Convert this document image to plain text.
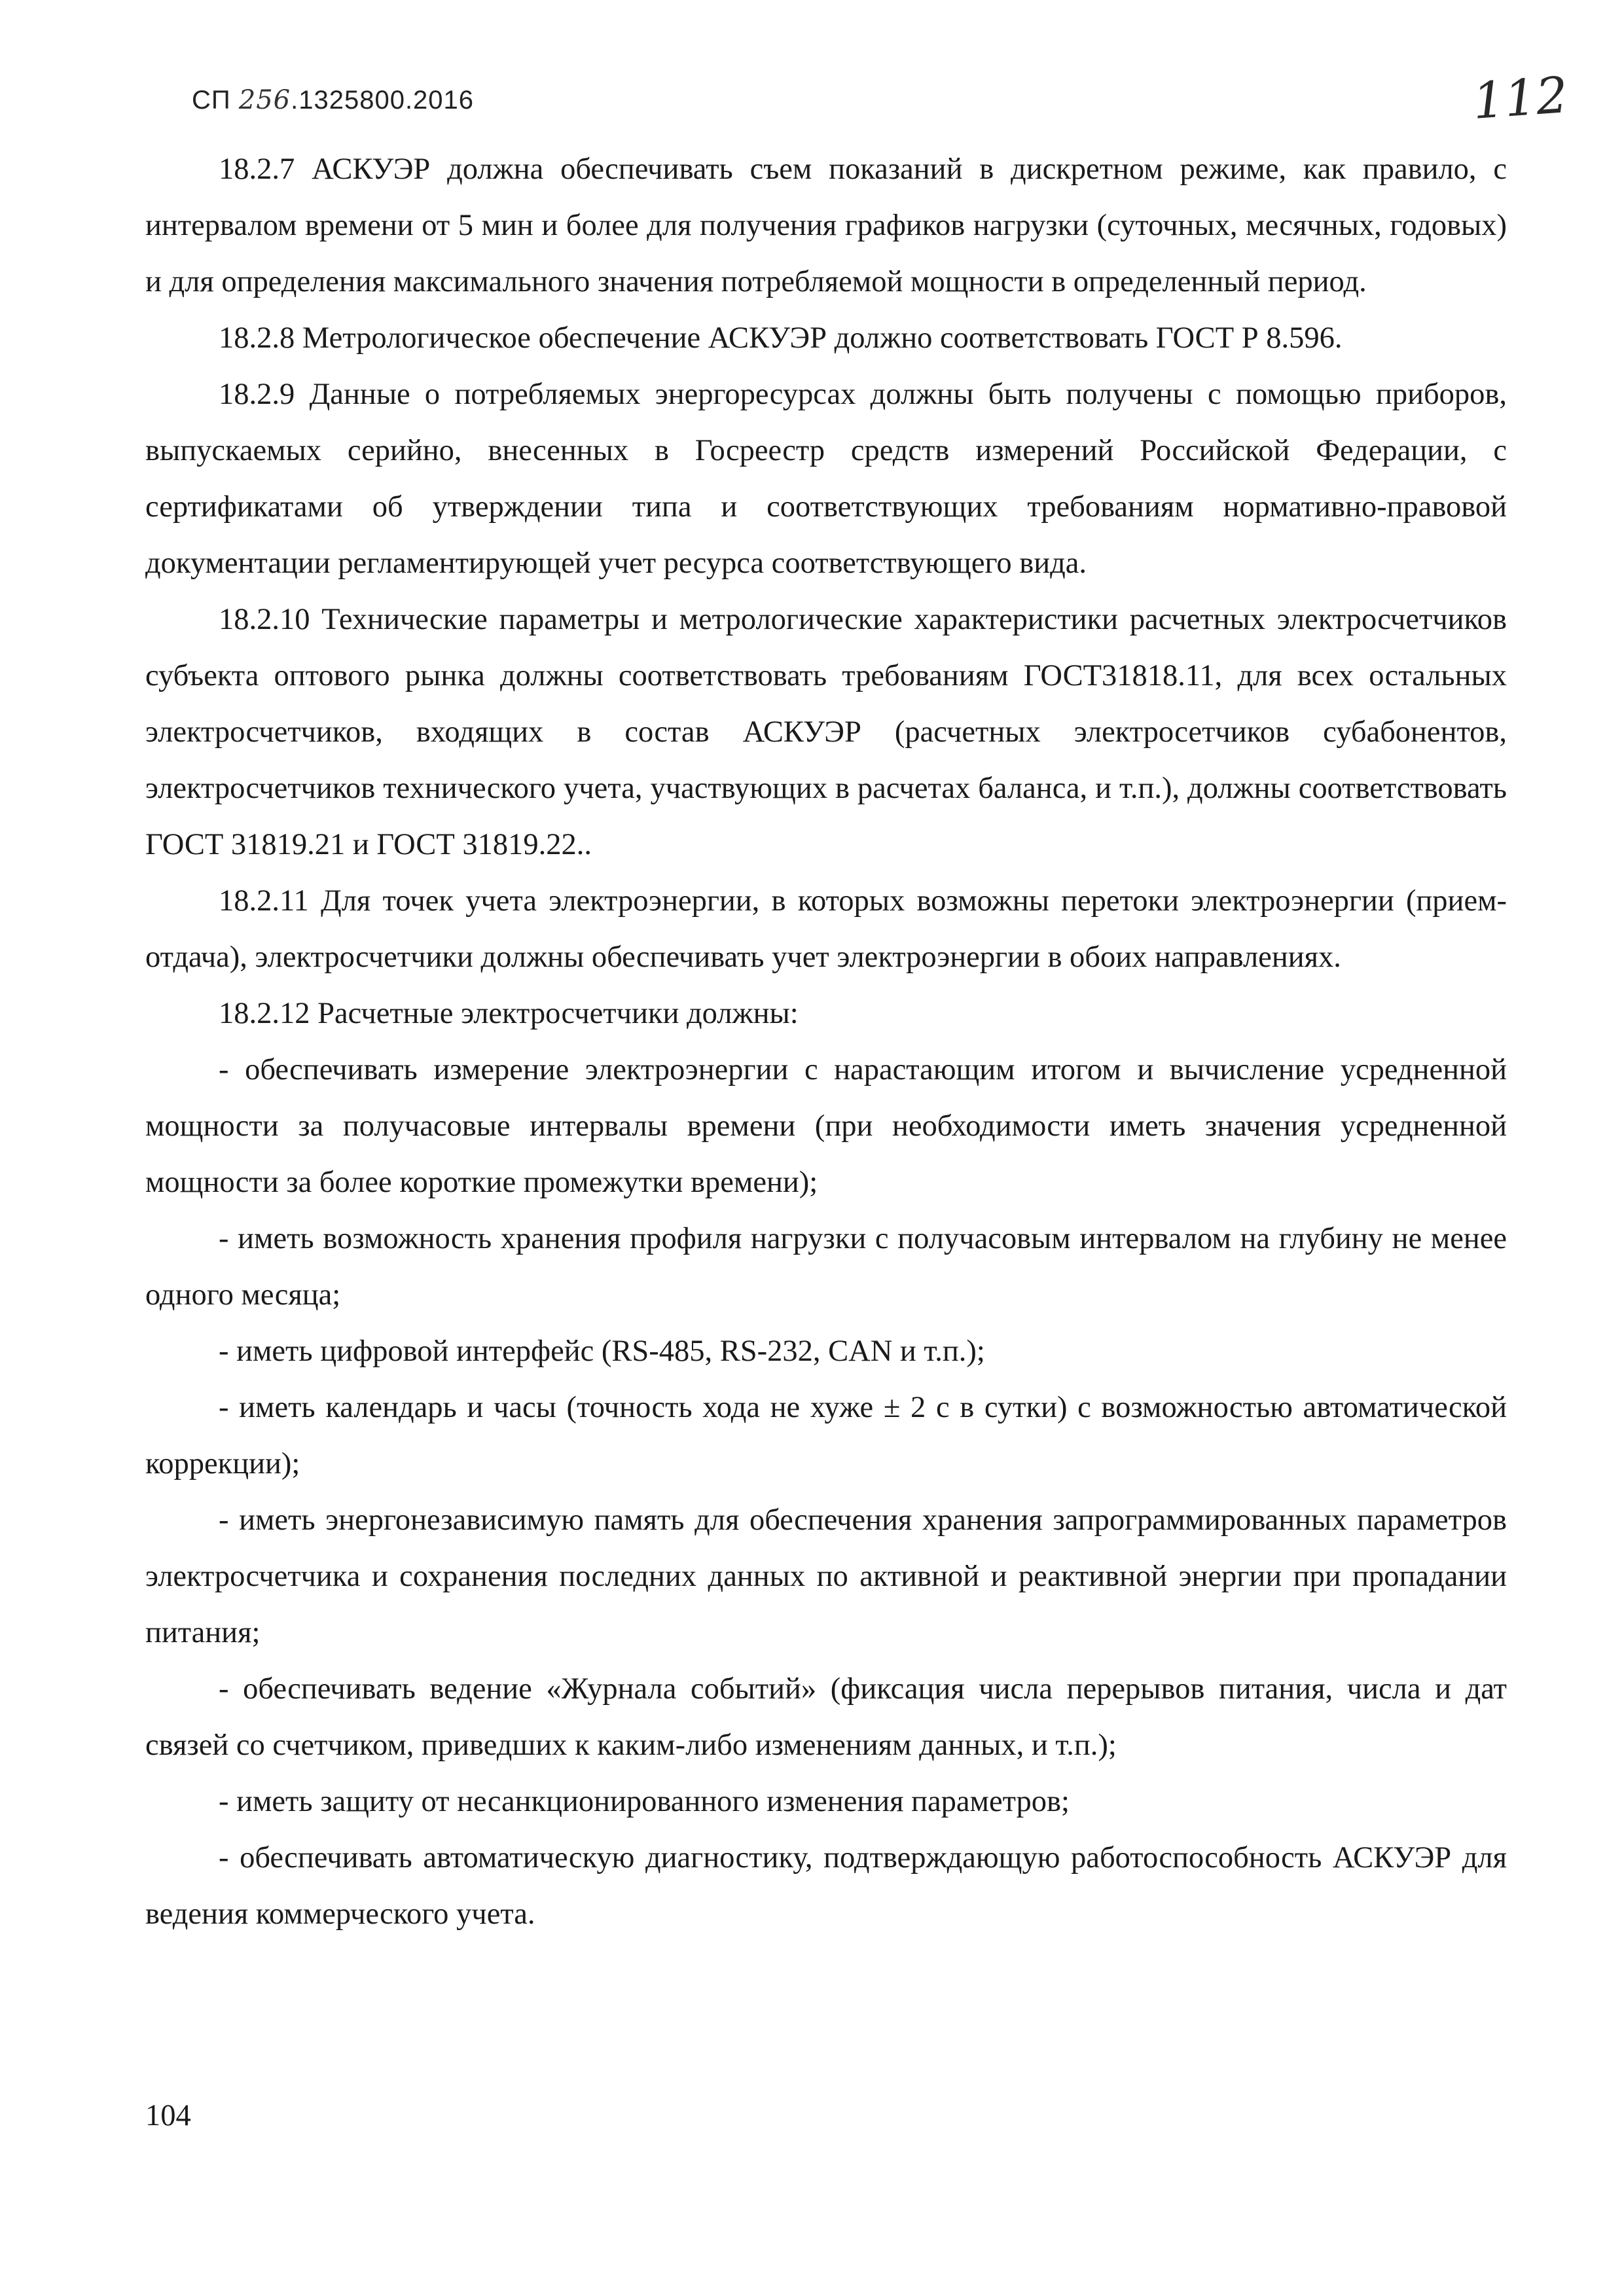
СП 256.1325800.2016	112

18.2.7 АСКУЭР должна обеспечивать съем показаний в дискретном режиме, как правило, с интервалом времени от 5 мин и более для получения графиков нагрузки (суточных, месячных, годовых) и для определения максимального значения потребляемой мощности в определенный период.

18.2.8 Метрологическое обеспечение АСКУЭР должно соответствовать ГОСТ Р 8.596.

18.2.9 Данные о потребляемых энергоресурсах должны быть получены с помощью приборов, выпускаемых серийно, внесенных в Госреестр средств измерений Российской Федерации, с сертификатами об утверждении типа и соответствующих требованиям нормативно-правовой документации регламентирующей учет ресурса соответствующего вида.

18.2.10 Технические параметры и метрологические характеристики расчетных электросчетчиков субъекта оптового рынка должны соответствовать требованиям ГОСТ31818.11, для всех остальных электросчетчиков, входящих в состав АСКУЭР (расчетных электросетчиков субабонентов, электросчетчиков технического учета, участвующих в расчетах баланса, и т.п.), должны соответствовать ГОСТ 31819.21 и ГОСТ 31819.22..

18.2.11 Для точек учета электроэнергии, в которых возможны перетоки электроэнергии (прием-отдача), электросчетчики должны обеспечивать учет электроэнергии в обоих направлениях.

18.2.12 Расчетные электросчетчики должны:

- обеспечивать измерение электроэнергии с нарастающим итогом и вычисление усредненной мощности за получасовые интервалы времени (при необходимости иметь значения усредненной мощности за более короткие промежутки времени);

- иметь возможность хранения профиля нагрузки с получасовым интервалом на глубину не менее одного месяца;

- иметь цифровой интерфейс (RS-485, RS-232, CAN и т.п.);

- иметь календарь и часы (точность хода не хуже ± 2 с в сутки) с возможностью автоматической коррекции);

- иметь энергонезависимую память для обеспечения хранения запрограммированных параметров электросчетчика и сохранения последних данных по активной и реактивной энергии при пропадании питания;

- обеспечивать ведение «Журнала событий» (фиксация числа перерывов питания, числа и дат связей со счетчиком, приведших к каким-либо изменениям данных, и т.п.);

- иметь защиту от несанкционированного изменения параметров;

- обеспечивать автоматическую диагностику, подтверждающую работоспособность АСКУЭР для ведения коммерческого учета.

104
